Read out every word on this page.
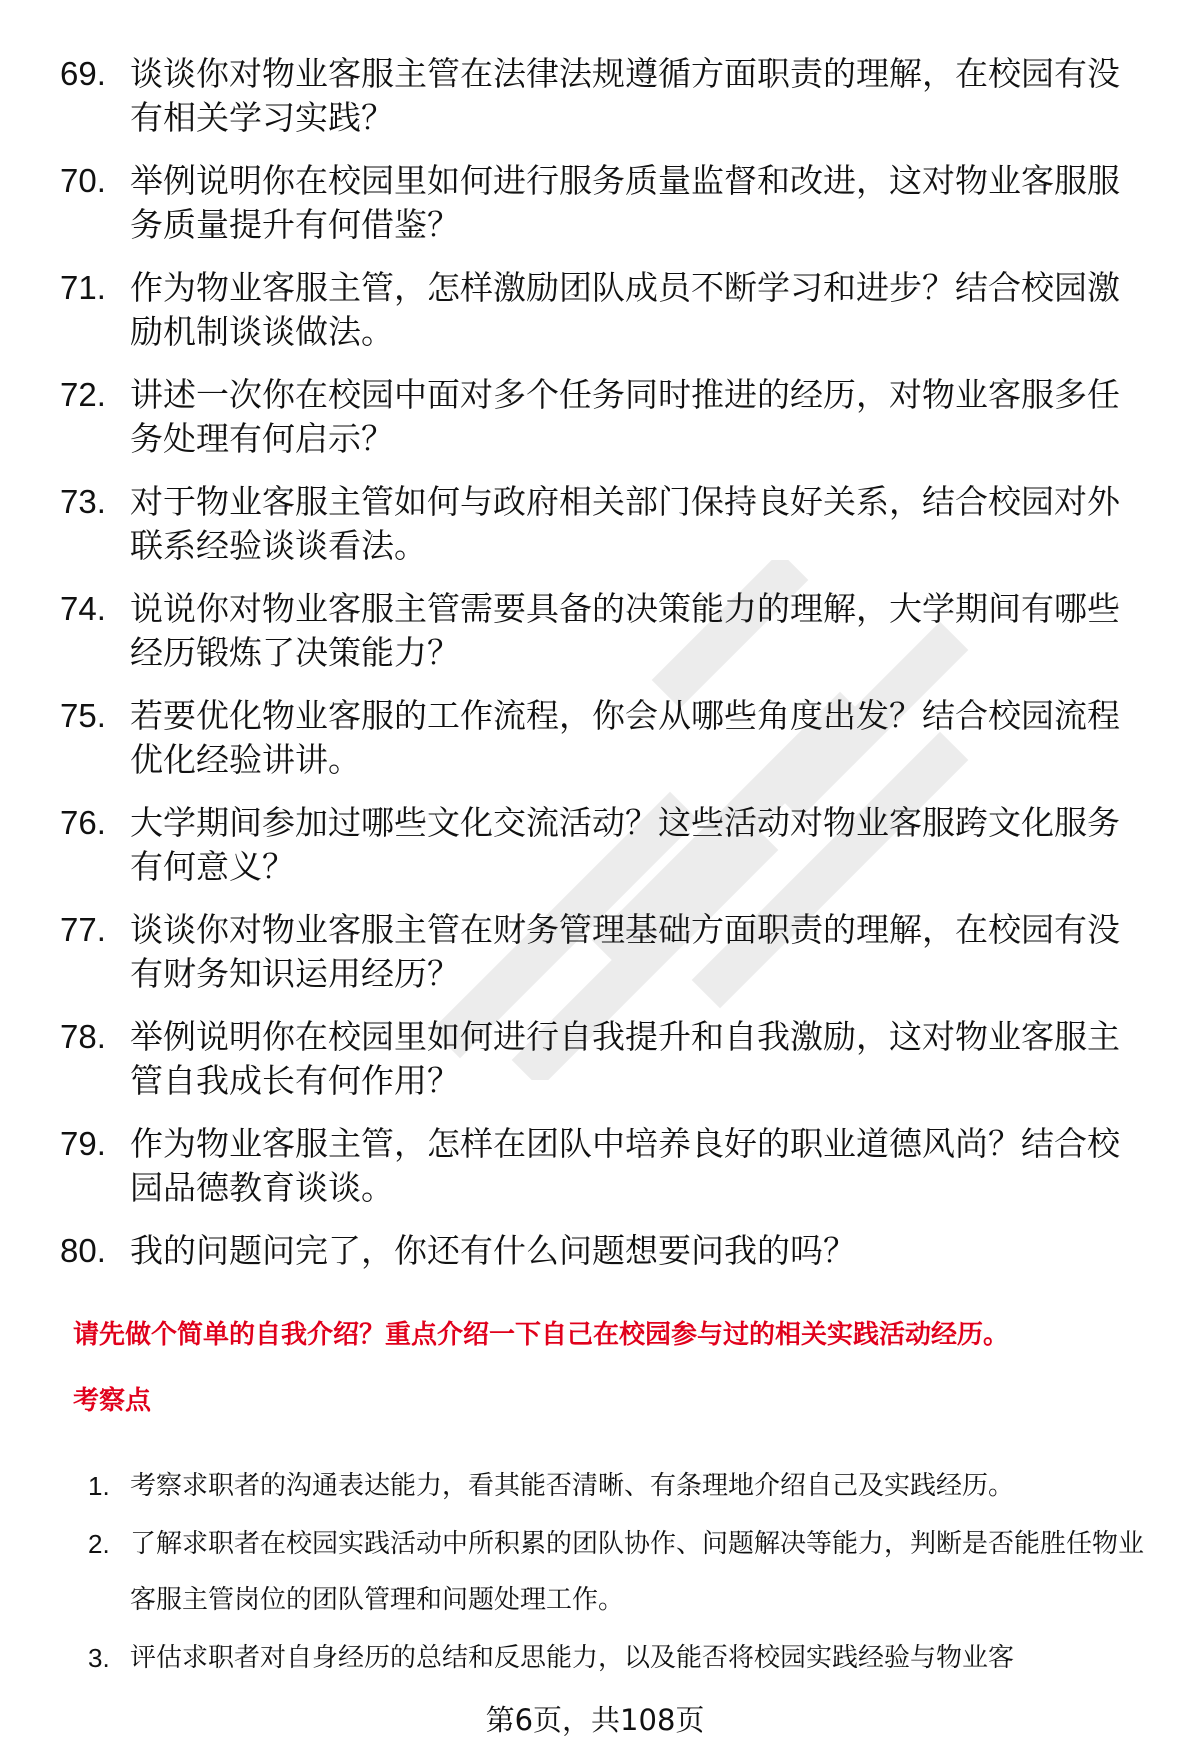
69. 谈谈你对物业客服主管在法律法规遵循方面职责的理解，在校园有没有相关学习实践？
70. 举例说明你在校园里如何进行服务质量监督和改进，这对物业客服服务质量提升有何借鉴？
71. 作为物业客服主管，怎样激励团队成员不断学习和进步？结合校园激励机制谈谈做法。
72. 讲述一次你在校园中面对多个任务同时推进的经历，对物业客服多任务处理有何启示？
73. 对于物业客服主管如何与政府相关部门保持良好关系，结合校园对外联系经验谈谈看法。
74. 说说你对物业客服主管需要具备的决策能力的理解，大学期间有哪些经历锻炼了决策能力？
75. 若要优化物业客服的工作流程，你会从哪些角度出发？结合校园流程优化经验讲讲。
76. 大学期间参加过哪些文化交流活动？这些活动对物业客服跨文化服务有何意义？
77. 谈谈你对物业客服主管在财务管理基础方面职责的理解，在校园有没有财务知识运用经历？
78. 举例说明你在校园里如何进行自我提升和自我激励，这对物业客服主管自我成长有何作用？
79. 作为物业客服主管，怎样在团队中培养良好的职业道德风尚？结合校园品德教育谈谈。
80. 我的问题问完了，你还有什么问题想要问我的吗？
请先做个简单的自我介绍？重点介绍一下自己在校园参与过的相关实践活动经历。
考察点
1. 考察求职者的沟通表达能力，看其能否清晰、有条理地介绍自己及实践经历。
2. 了解求职者在校园实践活动中所积累的团队协作、问题解决等能力，判断是否能胜任物业客服主管岗位的团队管理和问题处理工作。
3. 评估求职者对自身经历的总结和反思能力，以及能否将校园实践经验与物业客
第6页，共108页
